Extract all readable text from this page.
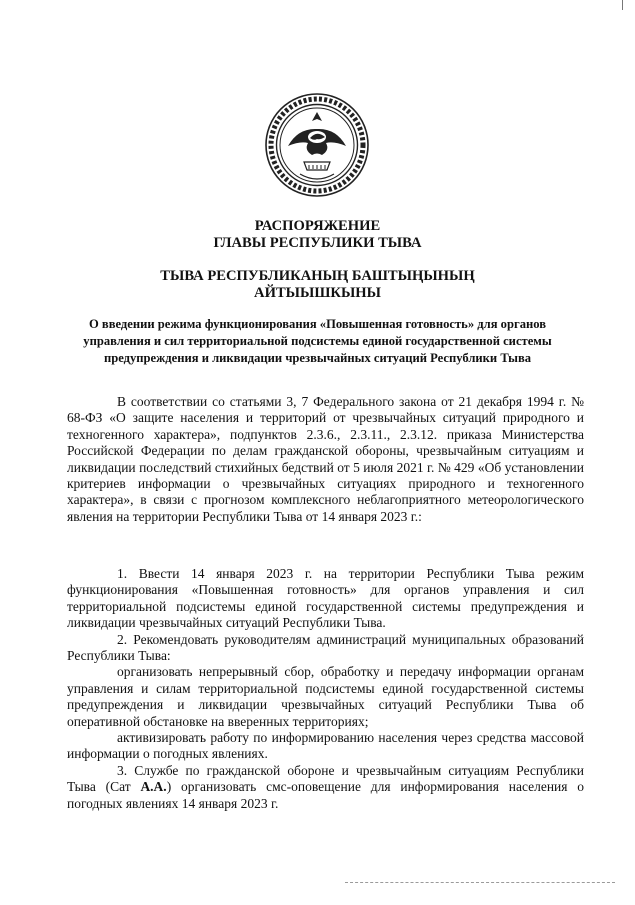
РАСПОРЯЖЕНИЕ
ГЛАВЫ РЕСПУБЛИКИ ТЫВА
ТЫВА РЕСПУБЛИКАНЫҢ БАШТЫҢЫНЫҢ
АЙТЫЫШКЫНЫ
О введении режима функционирования «Повышенная готовность» для органов управления и сил территориальной подсистемы единой государственной системы предупреждения и ликвидации чрезвычайных ситуаций Республики Тыва

В соответствии со статьями 3, 7 Федерального закона от 21 декабря 1994 г. № 68-ФЗ «О защите населения и территорий от чрезвычайных ситуаций природного и техногенного характера», подпунктов 2.3.6., 2.3.11., 2.3.12. приказа Министерства Российской Федерации по делам гражданской обороны, чрезвычайным ситуациям и ликвидации последствий стихийных бедствий от 5 июля 2021 г. № 429 «Об установлении критериев информации о чрезвычайных ситуациях природного и техногенного характера», в связи с прогнозом комплексного неблагоприятного метеорологического явления на территории Республики Тыва от 14 января 2023 г.:

1. Ввести 14 января 2023 г. на территории Республики Тыва режим функционирования «Повышенная готовность» для органов управления и сил территориальной подсистемы единой государственной системы предупреждения и ликвидации чрезвычайных ситуаций Республики Тыва.

2. Рекомендовать руководителям администраций муниципальных образований Республики Тыва:

организовать непрерывный сбор, обработку и передачу информации органам управления и силам территориальной подсистемы единой государственной системы предупреждения и ликвидации чрезвычайных ситуаций Республики Тыва об оперативной обстановке на вверенных территориях;

активизировать работу по информированию населения через средства массовой информации о погодных явлениях.

3. Службе по гражданской обороне и чрезвычайным ситуациям Республики Тыва (Сат А.А.) организовать смс-оповещение для информирования населения о погодных явлениях 14 января 2023 г.
